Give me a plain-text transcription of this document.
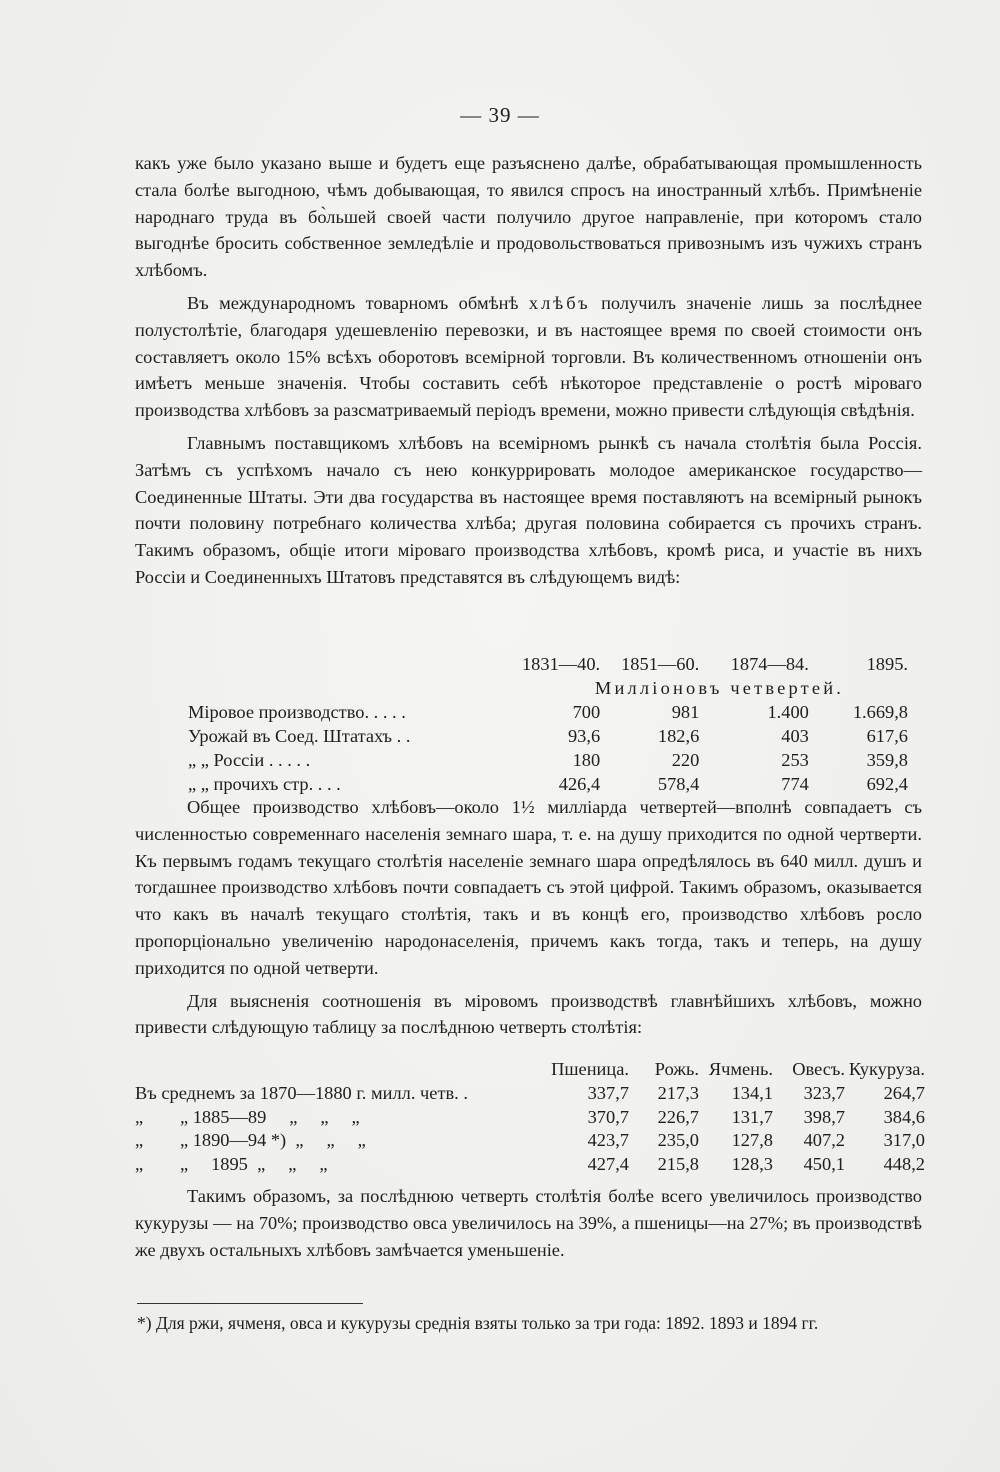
— 39 —

какъ уже было указано выше и будетъ еще разъяснено далѣе, обрабатывающая промышленность стала болѣе выгодною, чѣмъ добывающая, то явился спросъ на иностранный хлѣбъ. Примѣненіе народнаго труда въ бо̀льшей своей части получило другое направленіе, при которомъ стало выгоднѣе бросить собственное земледѣліе и продовольствоваться привознымъ изъ чужихъ странъ хлѣбомъ.

Въ международномъ товарномъ обмѣнѣ хлѣбъ получилъ значеніе лишь за послѣднее полустолѣтіе, благодаря удешевленію перевозки, и въ настоящее время по своей стоимости онъ составляетъ около 15% всѣхъ оборотовъ всемірной торговли. Въ количественномъ отношеніи онъ имѣетъ меньше значенія. Чтобы составить себѣ нѣкоторое представленіе о ростѣ міроваго производства хлѣбовъ за разсматриваемый періодъ времени, можно привести слѣдующія свѣдѣнія.

Главнымъ поставщикомъ хлѣбовъ на всемірномъ рынкѣ съ начала столѣтія была Россія. Затѣмъ съ успѣхомъ начало съ нею конкуррировать молодое американское государство—Соединенные Штаты. Эти два государства въ настоящее время поставляютъ на всемірный рынокъ почти половину потребнаго количества хлѣба; другая половина собирается съ прочихъ странъ. Такимъ образомъ, общіе итоги міроваго производства хлѣбовъ, кромѣ риса, и участіе въ нихъ Россіи и Соединенныхъ Штатовъ представятся въ слѣдующемъ видѣ:

	1831—40.	1851—60.	1874—84.	1895.
	Милліоновъ четвертей.			
Міровое производство. . . . .	700	981	1.400	1.669,8
Урожай въ Соед. Штатахъ . .	93,6	182,6	403	617,6
„ „ Россіи . . . . .	180	220	253	359,8
„ „ прочихъ стр. . . .	426,4	578,4	774	692,4

Общее производство хлѣбовъ—около 1½ милліарда четвертей—вполнѣ совпадаетъ съ численностью современнаго населенія земнаго шара, т. е. на душу приходится по одной чертверти. Къ первымъ годамъ текущаго столѣтія населеніе земнаго шара опредѣлялось въ 640 милл. душъ и тогдашнее производство хлѣбовъ почти совпадаетъ съ этой цифрой. Такимъ образомъ, оказывается что какъ въ началѣ текущаго столѣтія, такъ и въ концѣ его, производство хлѣбовъ росло пропорціонально увеличенію народонаселенія, причемъ какъ тогда, такъ и теперь, на душу приходится по одной четверти.

Для выясненія соотношенія въ міровомъ производствѣ главнѣйшихъ хлѣбовъ, можно привести слѣдующую таблицу за послѣднюю четверть столѣтія:

	Пшеница.	Рожь.	Ячмень.	Овесъ.	Кукуруза.
Въ среднемъ за 1870—1880 г. милл. четв. .	337,7	217,3	134,1	323,7	264,7
„        „ 1885—89     „     „     „	370,7	226,7	131,7	398,7	384,6
„        „ 1890—94 *)  „     „     „	423,7	235,0	127,8	407,2	317,0
„        „     1895  „     „     „	427,4	215,8	128,3	450,1	448,2

Такимъ образомъ, за послѣднюю четверть столѣтія болѣе всего увеличилось производство кукурузы — на 70%; производство овса увеличилось на 39%, а пшеницы—на 27%; въ производствѣ же двухъ остальныхъ хлѣбовъ замѣчается уменьшеніе.

*) Для ржи, ячменя, овса и кукурузы среднія взяты только за три года: 1892. 1893 и 1894 гг.
